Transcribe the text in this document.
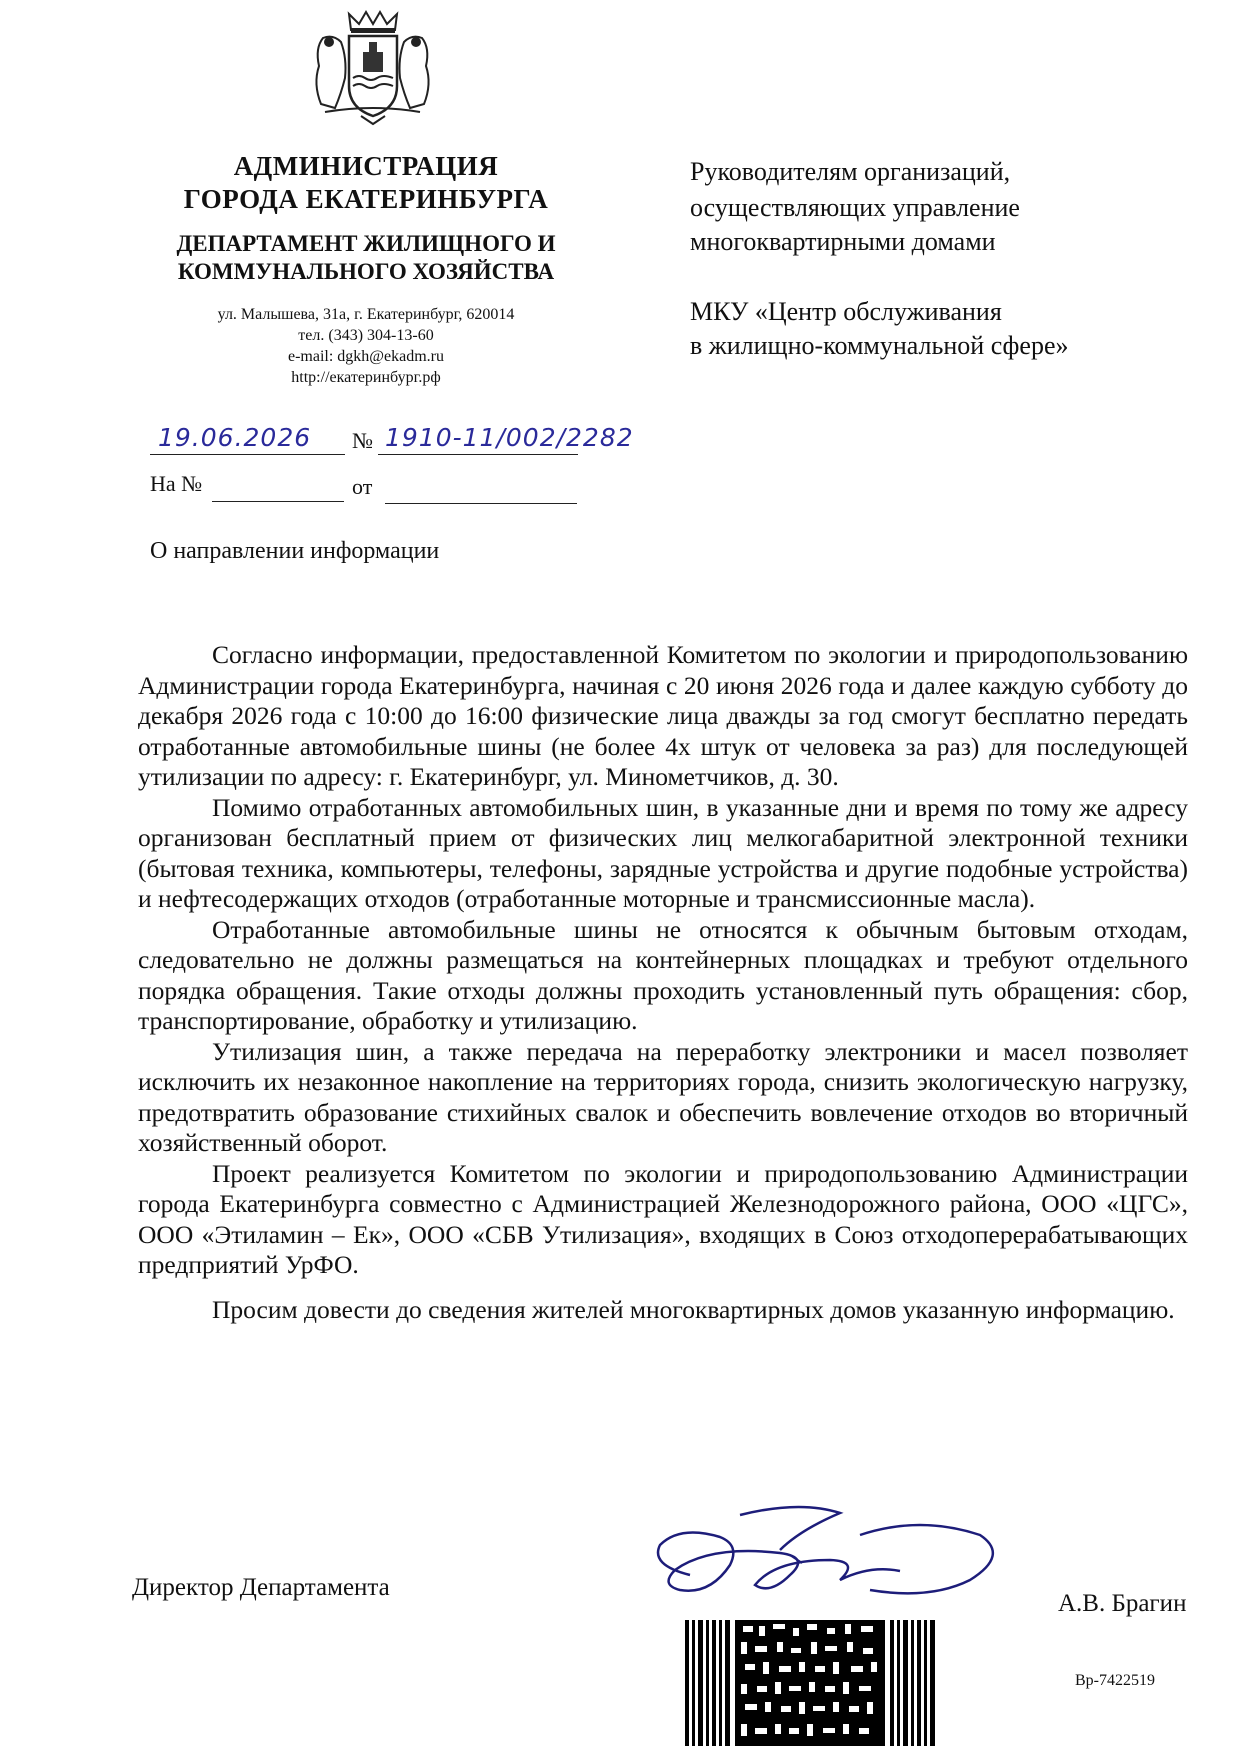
АДМИНИСТРАЦИЯ
ГОРОДА ЕКАТЕРИНБУРГА
ДЕПАРТАМЕНТ ЖИЛИЩНОГО И
КОММУНАЛЬНОГО ХОЗЯЙСТВА
ул. Малышева, 31а, г. Екатеринбург, 620014
тел. (343) 304-13-60
e-mail: dgkh@ekadm.ru
http://екатеринбург.рф
Руководителям организаций,
осуществляющих управление
многоквартирными домами
МКУ «Центр обслуживания
в жилищно-коммунальной сфере»
19.06.2026 № 1910-11/002/2282
На №	от
О направлении информации

Согласно информации, предоставленной Комитетом по экологии и природопользованию Администрации города Екатеринбурга, начиная с 20 июня 2026 года и далее каждую субботу до декабря 2026 года с 10:00 до 16:00 физические лица дважды за год смогут бесплатно передать отработанные автомобильные шины (не более 4х штук от человека за раз) для последующей утилизации по адресу: г. Екатеринбург, ул. Минометчиков, д. 30.

Помимо отработанных автомобильных шин, в указанные дни и время по тому же адресу организован бесплатный прием от физических лиц мелкогабаритной электронной техники (бытовая техника, компьютеры, телефоны, зарядные устройства и другие подобные устройства) и нефтесодержащих отходов (отработанные моторные и трансмиссионные масла).

Отработанные автомобильные шины не относятся к обычным бытовым отходам, следовательно не должны размещаться на контейнерных площадках и требуют отдельного порядка обращения. Такие отходы должны проходить установленный путь обращения: сбор, транспортирование, обработку и утилизацию.

Утилизация шин, а также передача на переработку электроники и масел позволяет исключить их незаконное накопление на территориях города, снизить экологическую нагрузку, предотвратить образование стихийных свалок и обеспечить вовлечение отходов во вторичный хозяйственный оборот.

Проект реализуется Комитетом по экологии и природопользованию Администрации города Екатеринбурга совместно с Администрацией Железнодорожного района, ООО «ЦГС», ООО «Этиламин – Ек», ООО «СБВ Утилизация», входящих в Союз отходоперерабатывающих предприятий УрФО.

Просим довести до сведения жителей многоквартирных домов указанную информацию.

Директор Департамента
А.В. Брагин
Вр-7422519
